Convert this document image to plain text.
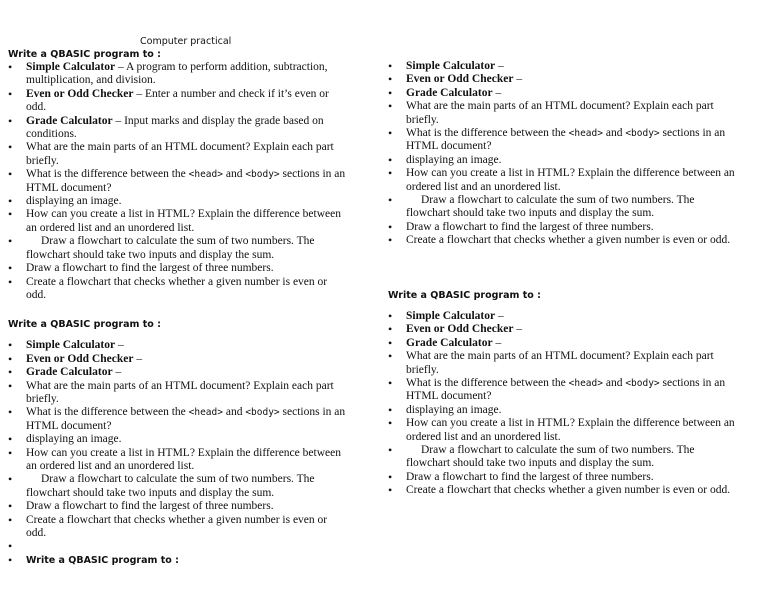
Computer practical
Write a QBASIC program to :
• Simple Calculator – A program to perform addition, subtraction, multiplication, and division.
• Even or Odd Checker – Enter a number and check if it’s even or odd.
• Grade Calculator – Input marks and display the grade based on conditions.
• What are the main parts of an HTML document? Explain each part briefly.
• What is the difference between the <head> and <body> sections in an HTML document?
• displaying an image.
• How can you create a list in HTML? Explain the difference between an ordered list and an unordered list.
• Draw a flowchart to calculate the sum of two numbers. The flowchart should take two inputs and display the sum.
• Draw a flowchart to find the largest of three numbers.
• Create a flowchart that checks whether a given number is even or odd.
Write a QBASIC program to :
• Simple Calculator –
• Even or Odd Checker –
• Grade Calculator –
• What are the main parts of an HTML document? Explain each part briefly.
• What is the difference between the <head> and <body> sections in an HTML document?
• displaying an image.
• How can you create a list in HTML? Explain the difference between an ordered list and an unordered list.
• Draw a flowchart to calculate the sum of two numbers. The flowchart should take two inputs and display the sum.
• Draw a flowchart to find the largest of three numbers.
• Create a flowchart that checks whether a given number is even or odd.
•
• Write a QBASIC program to :
• Simple Calculator –
• Even or Odd Checker –
• Grade Calculator –
• What are the main parts of an HTML document? Explain each part briefly.
• What is the difference between the <head> and <body> sections in an HTML document?
• displaying an image.
• How can you create a list in HTML? Explain the difference between an ordered list and an unordered list.
• Draw a flowchart to calculate the sum of two numbers. The flowchart should take two inputs and display the sum.
• Draw a flowchart to find the largest of three numbers.
• Create a flowchart that checks whether a given number is even or odd.
Write a QBASIC program to :
• Simple Calculator –
• Even or Odd Checker –
• Grade Calculator –
• What are the main parts of an HTML document? Explain each part briefly.
• What is the difference between the <head> and <body> sections in an HTML document?
• displaying an image.
• How can you create a list in HTML? Explain the difference between an ordered list and an unordered list.
• Draw a flowchart to calculate the sum of two numbers. The flowchart should take two inputs and display the sum.
• Draw a flowchart to find the largest of three numbers.
• Create a flowchart that checks whether a given number is even or odd.
